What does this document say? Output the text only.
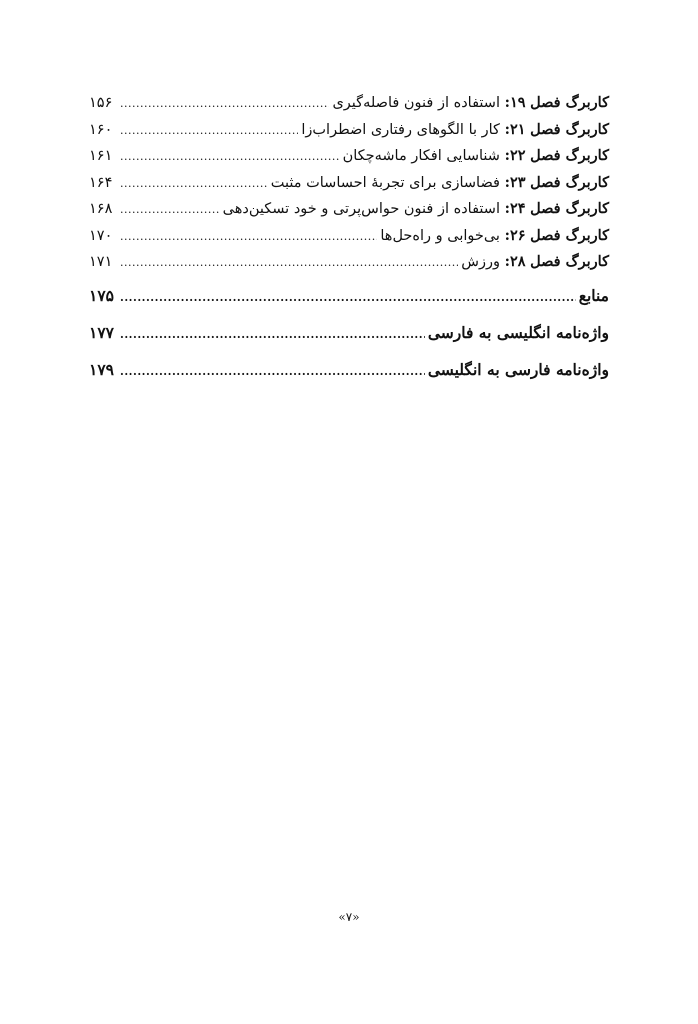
کاربرگ فصل ۱۹: استفاده از فنون فاصله‌گیری
.....
۱۵۶
کاربرگ فصل ۲۱: کار با الگوهای رفتاری اضطراب‌زا
.....
۱۶۰
کاربرگ فصل ۲۲: شناسایی افکار ماشه‌چکان
.....
۱۶۱
کاربرگ فصل ۲۳: فضاسازی برای تجربهٔ احساسات مثبت
.....
۱۶۴
کاربرگ فصل ۲۴: استفاده از فنون حواس‌پرتی و خود تسکین‌دهی
.....
۱۶۸
کاربرگ فصل ۲۶: بی‌خوابی و راه‌حل‌ها
.....
۱۷۰
کاربرگ فصل ۲۸: ورزش
.....
۱۷۱
منابع
.....
۱۷۵
واژه‌نامه انگلیسی به فارسی
.....
۱۷۷
واژه‌نامه فارسی به انگلیسی
.....
۱۷۹
«۷»
